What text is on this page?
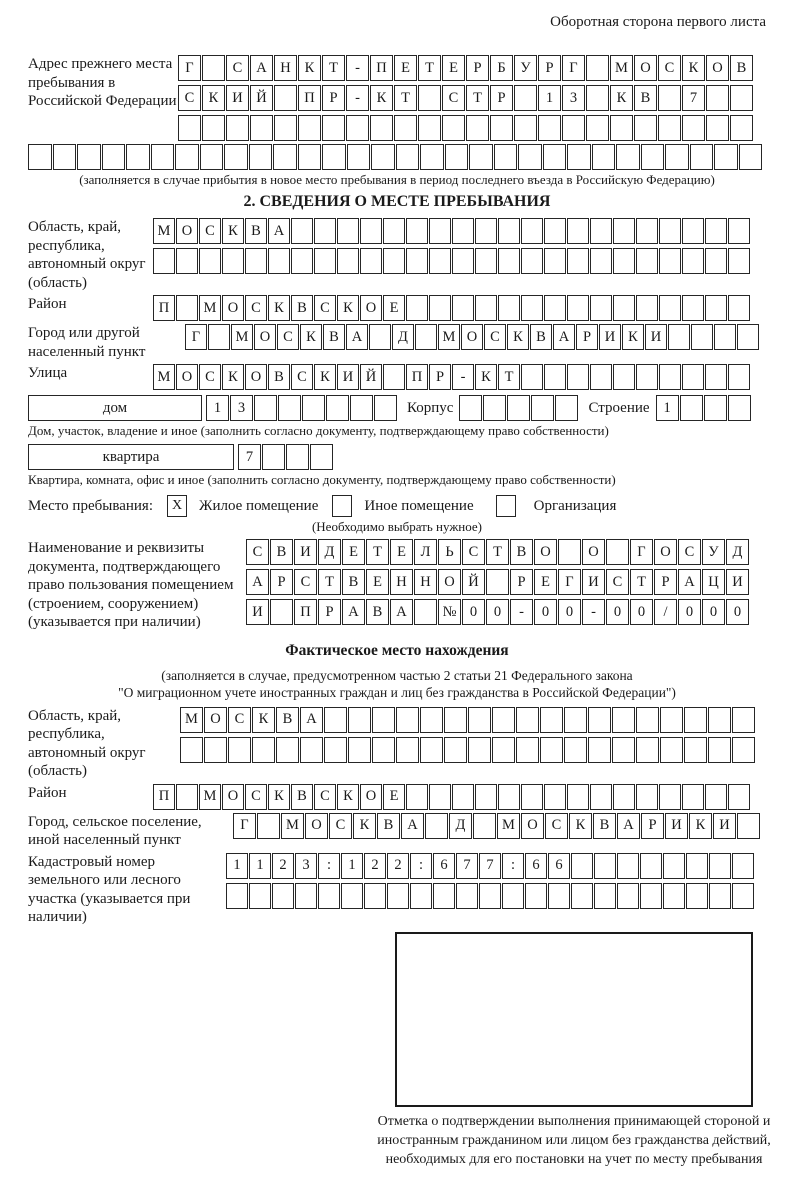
Оборотная сторона первого листа
Адрес прежнего места пребывания в Российской Федерации
Г	С А Н К	Т	-	П Е	Т	Е	Р	Б	У	Р	Г	М О С К О В
С К И Й	П	Р	-	К	Т	С	Т	Р	1	3	К В	7
(заполняется в случае прибытия в новое место пребывания в период последнего въезда в Российскую Федерацию)
2. СВЕДЕНИЯ О МЕСТЕ ПРЕБЫВАНИЯ
Область, край, республика, автономный округ (область)
М О С К В А
Район	П	М О С К В С К О Е
Город или другой населенный пункт
Г	М О С К В А	Д	М О С К В А Р И К И
Улица	М О С К О В С К И Й	П Р	-	К Т
дом	1	3	Корпус	Строение 1
Дом, участок, владение и иное (заполнить согласно документу, подтверждающему право собственности)
квартира	7
Квартира, комната, офис и иное (заполнить согласно документу, подтверждающему право собственности)
Место пребывания:	X	Жилое помещение	Иное помещение	Организация
(Необходимо выбрать нужное)
Наименование и реквизиты документа, подтверждающего право пользования помещением (строением, сооружением) (указывается при наличии)
С В И Д	Е	Т	Е	Л	Ь	С	Т	В О	О	Г	О С У Д
А	Р	С	Т	В	Е Н Н О Й	Р	Е	Г	И С	Т	Р	А Ц И
И	П	Р	А В А	№ 0	0	-	0	0	-	0	0	/	0	0	0
Фактическое место нахождения
(заполняется в случае, предусмотренном частью 2 статьи 21 Федерального закона
"О миграционном учете иностранных граждан и лиц без гражданства в Российской Федерации")
Область, край, республика, автономный округ (область)
М О С К В А
Район	П	М О С К В С К О Е
Город, сельское поселение, иной населенный пункт
Г	М О С К В А	Д	М О С К В А	Р	И К И
Кадастровый номер земельного или лесного участка (указывается при наличии)
1	1	2	3	:	1	2	2	:	6	7	7	:	6	6
Отметка о подтверждении выполнения принимающей стороной и иностранным гражданином или лицом без гражданства действий, необходимых для его постановки на учет по месту пребывания
